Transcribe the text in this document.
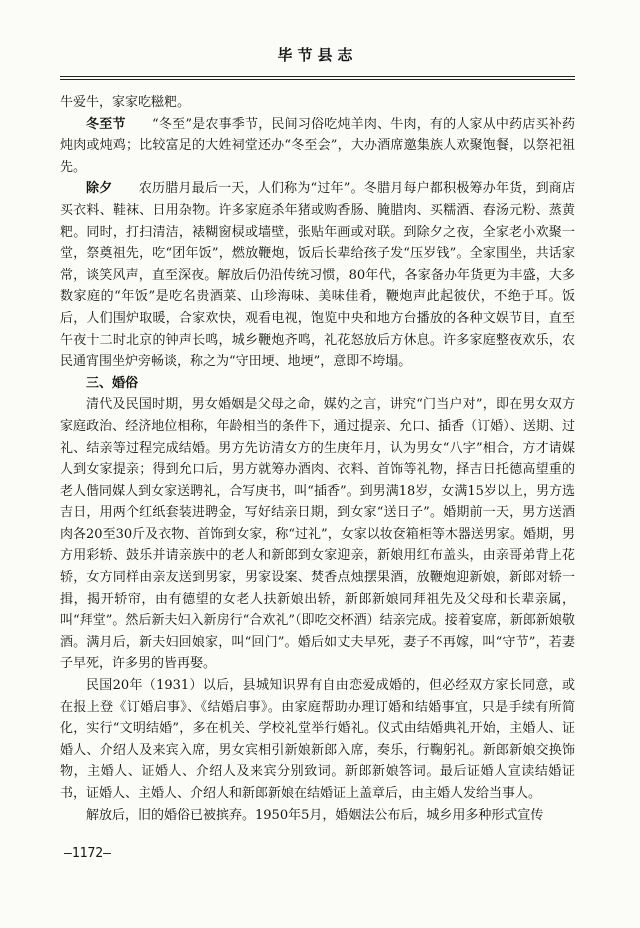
毕节县志

牛爱牛，家家吃糍粑。

冬至节　　 “冬至”是农事季节，民间习俗吃炖羊肉、牛肉，有的人家从中药店买补药炖肉或炖鸡；比较富足的大姓祠堂还办“冬至会”，大办酒席邀集族人欢聚饱餐，以祭祀祖先。

除夕　　 农历腊月最后一天，人们称为“过年”。冬腊月每户都积极筹办年货，到商店买衣料、鞋袜、日用杂物。许多家庭杀年猪或购香肠、腌腊肉、买糯酒、舂汤元粉、蒸黄粑。同时，打扫清洁，裱糊窗棂或墙壁，张贴年画或对联。到除夕之夜，全家老小欢聚一堂，祭奠祖先，吃“团年饭”，燃放鞭炮，饭后长辈给孩子发“压岁钱”。全家围坐，共话家常，谈笑风声，直至深夜。解放后仍沿传统习惯，80年代，各家备办年货更为丰盛，大多数家庭的“年饭”是吃名贵酒菜、山珍海味、美味佳肴，鞭炮声此起彼伏，不绝于耳。饭后，人们围炉取暖，合家欢快，观看电视，饱览中央和地方台播放的各种文娱节目，直至午夜十二时北京的钟声长鸣，城乡鞭炮齐鸣，礼花怒放后方休息。许多家庭整夜欢乐，农民通宵围坐炉旁畅谈，称之为“守田埂、地埂”，意即不垮塌。

三、婚俗

清代及民国时期，男女婚姻是父母之命，媒妁之言，讲究“门当户对”，即在男女双方家庭政治、经济地位相称，年龄相当的条件下，通过提亲、允口、插香（订婚）、送期、过礼、结亲等过程完成结婚。男方先访清女方的生庚年月，认为男女“八字”相合，方才请媒人到女家提亲；得到允口后，男方就筹办酒肉、衣料、首饰等礼物，择吉日托德高望重的老人偕同媒人到女家送聘礼，合写庚书，叫“插香”。到男满18岁，女满15岁以上，男方选吉日，用两个红纸套装进聘金，写好结亲日期，到女家“送日子”。婚期前一天，男方送酒肉各20至30斤及衣物、首饰到女家，称“过礼”，女家以妆奁箱柜等木器送男家。婚期，男方用彩轿、鼓乐并请亲族中的老人和新郎到女家迎亲，新娘用红布盖头，由亲哥弟背上花轿，女方同样由亲友送到男家，男家设案、焚香点烛摆果酒，放鞭炮迎新娘，新郎对轿一揖，揭开轿帘，由有德望的女老人扶新娘出轿，新郎新娘同拜祖先及父母和长辈亲属，叫“拜堂”。然后新夫妇入新房行“合欢礼”（即吃交杯酒）结亲完成。接着宴席，新郎新娘敬酒。满月后，新夫妇回娘家，叫“回门”。婚后如丈夫早死，妻子不再嫁，叫“守节”，若妻子早死，许多男的皆再娶。

民国20年（1931）以后，县城知识界有自由恋爱成婚的，但必经双方家长同意，或在报上登《订婚启事》、《结婚启事》。由家庭帮助办理订婚和结婚事宜，只是手续有所简化，实行“文明结婚”，多在机关、学校礼堂举行婚礼。仪式由结婚典礼开始，主婚人、证婚人、介绍人及来宾入席，男女宾相引新娘新郎入席，奏乐，行鞠躬礼。新郎新娘交换饰物，主婚人、证婚人、介绍人及来宾分别致词。新郎新娘答词。最后证婚人宣读结婚证书，证婚人、主婚人、介绍人和新郎新娘在结婚证上盖章后，由主婚人发给当事人。

解放后，旧的婚俗已被摈弃。1950年5月，婚姻法公布后，城乡用多种形式宣传

—1172—
